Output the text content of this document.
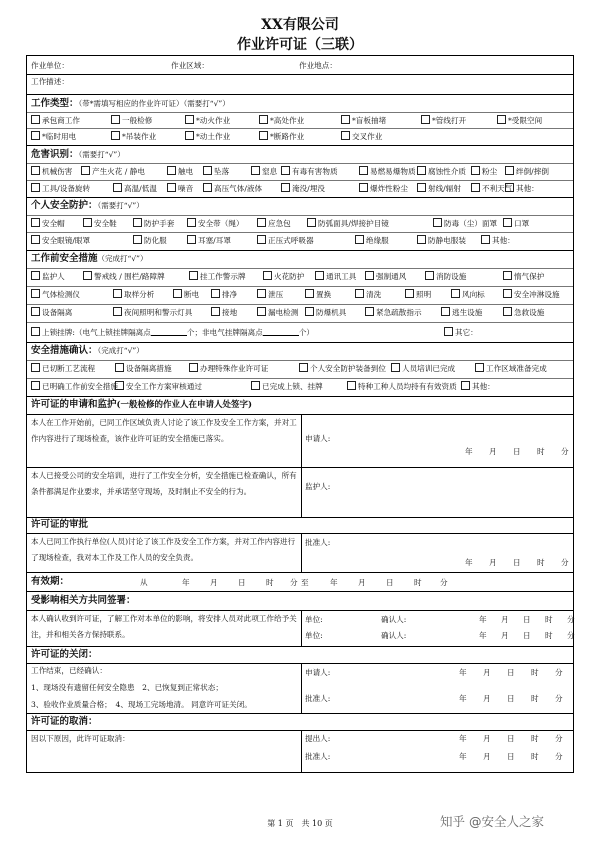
XX有限公司
作业许可证（三联）
作业单位：	作业区域：	作业地点：
工作描述：
工作类型：（带*需填写相应的作业许可证）（需要打“√”）
承包商工作	一般检修	*动火作业	*高处作业	*盲板抽堵	*管线打开	*受限空间
*临时用电	*吊装作业	*动土作业	*断路作业	交叉作业
危害识别：（需要打“√”）
机械伤害	产生火花 / 静电	触电	坠落	窒息	有毒有害物质	易燃易爆物质	腐蚀性介质	粉尘	绊倒/摔倒
工具/设备旋转	高温/低温	噪音	高压气体/液体	淹没/埋没	爆炸性粉尘	射线/辐射	不利天气 其他：
个人安全防护：（需要打“√”）
安全帽	安全鞋	防护手套	安全带（绳）	应急包	防弧面具/焊接护目镜	防毒（尘）面罩	口罩
安全眼镜/眼罩	防化服	耳塞/耳罩	正压式呼吸器	绝缘服	防静电服装	其他：
工作前安全措施（完成打“√”）
监护人	警戒线 / 围栏/路障牌	挂工作警示牌	火花防护	通讯工具	强制通风	消防设施	惰气保护
气体检测仪	取样分析	断电	排净	泄压	置换	清洗	照明	风向标	安全冲淋设施
设备隔离	夜间照明和警示灯具	接地	漏电检测	防爆机具	紧急疏散指示	逃生设施	急救设施
上锁挂牌:（电气上锁挂牌隔离点	个；非电气挂牌隔离点	个）	其它：
安全措施确认：（完成打“√”）
已切断工艺流程	设备隔离措施	办理特殊作业许可证	个人安全防护装备到位	人员培训已完成	工作区域准备完成
已明确工作前安全措施	安全工作方案审核通过	已完成上锁、挂牌	特种工种人员均持有有效资质	其他：
许可证的申请和监护(一般检修的作业人在申请人处签字)
本人在工作开始前，已同工作区域负责人讨论了该工作及安全工作方案，并对工作内容进行了现场检查，该作业许可证的安全措施已落实。	申请人:
年 月 日 时 分
本人已接受公司的安全培训，进行了工作安全分析，安全措施已检查确认，所有条件都满足作业要求，并承诺坚守现场，及时制止不安全的行为。
监护人:
许可证的审批
本人已同工作执行单位(人员)讨论了该工作及安全工作方案，并对工作内容进行了现场检查，我对本工作及工作人员的安全负责。
批准人:
年 月 日 时 分
有效期：	从	年	月	日	时 分 至	年	月	日	时 分
受影响相关方共同签署：
本人确认收到许可证，了解工作对本单位的影响，将安排人员对此项工作给予关注，并和相关各方保持联系。
单位:	确认人:	年 月 日 时 分
单位:	确认人:	年 月 日 时 分
许可证的关闭：
工作结束，已经确认：
1、现场没有遗留任何安全隐患　2、已恢复到正常状态；
3、验收作业质量合格；　4、现场工完场地清。 同意许可证关闭。
申请人:	年 月 日 时 分
批准人:	年 月 日 时 分
许可证的取消：
因以下原因，此许可证取消：	提出人:	年 月 日 时 分
批准人:	年 月 日 时 分
第 1 页　共 10 页	知乎 @安全人之家
